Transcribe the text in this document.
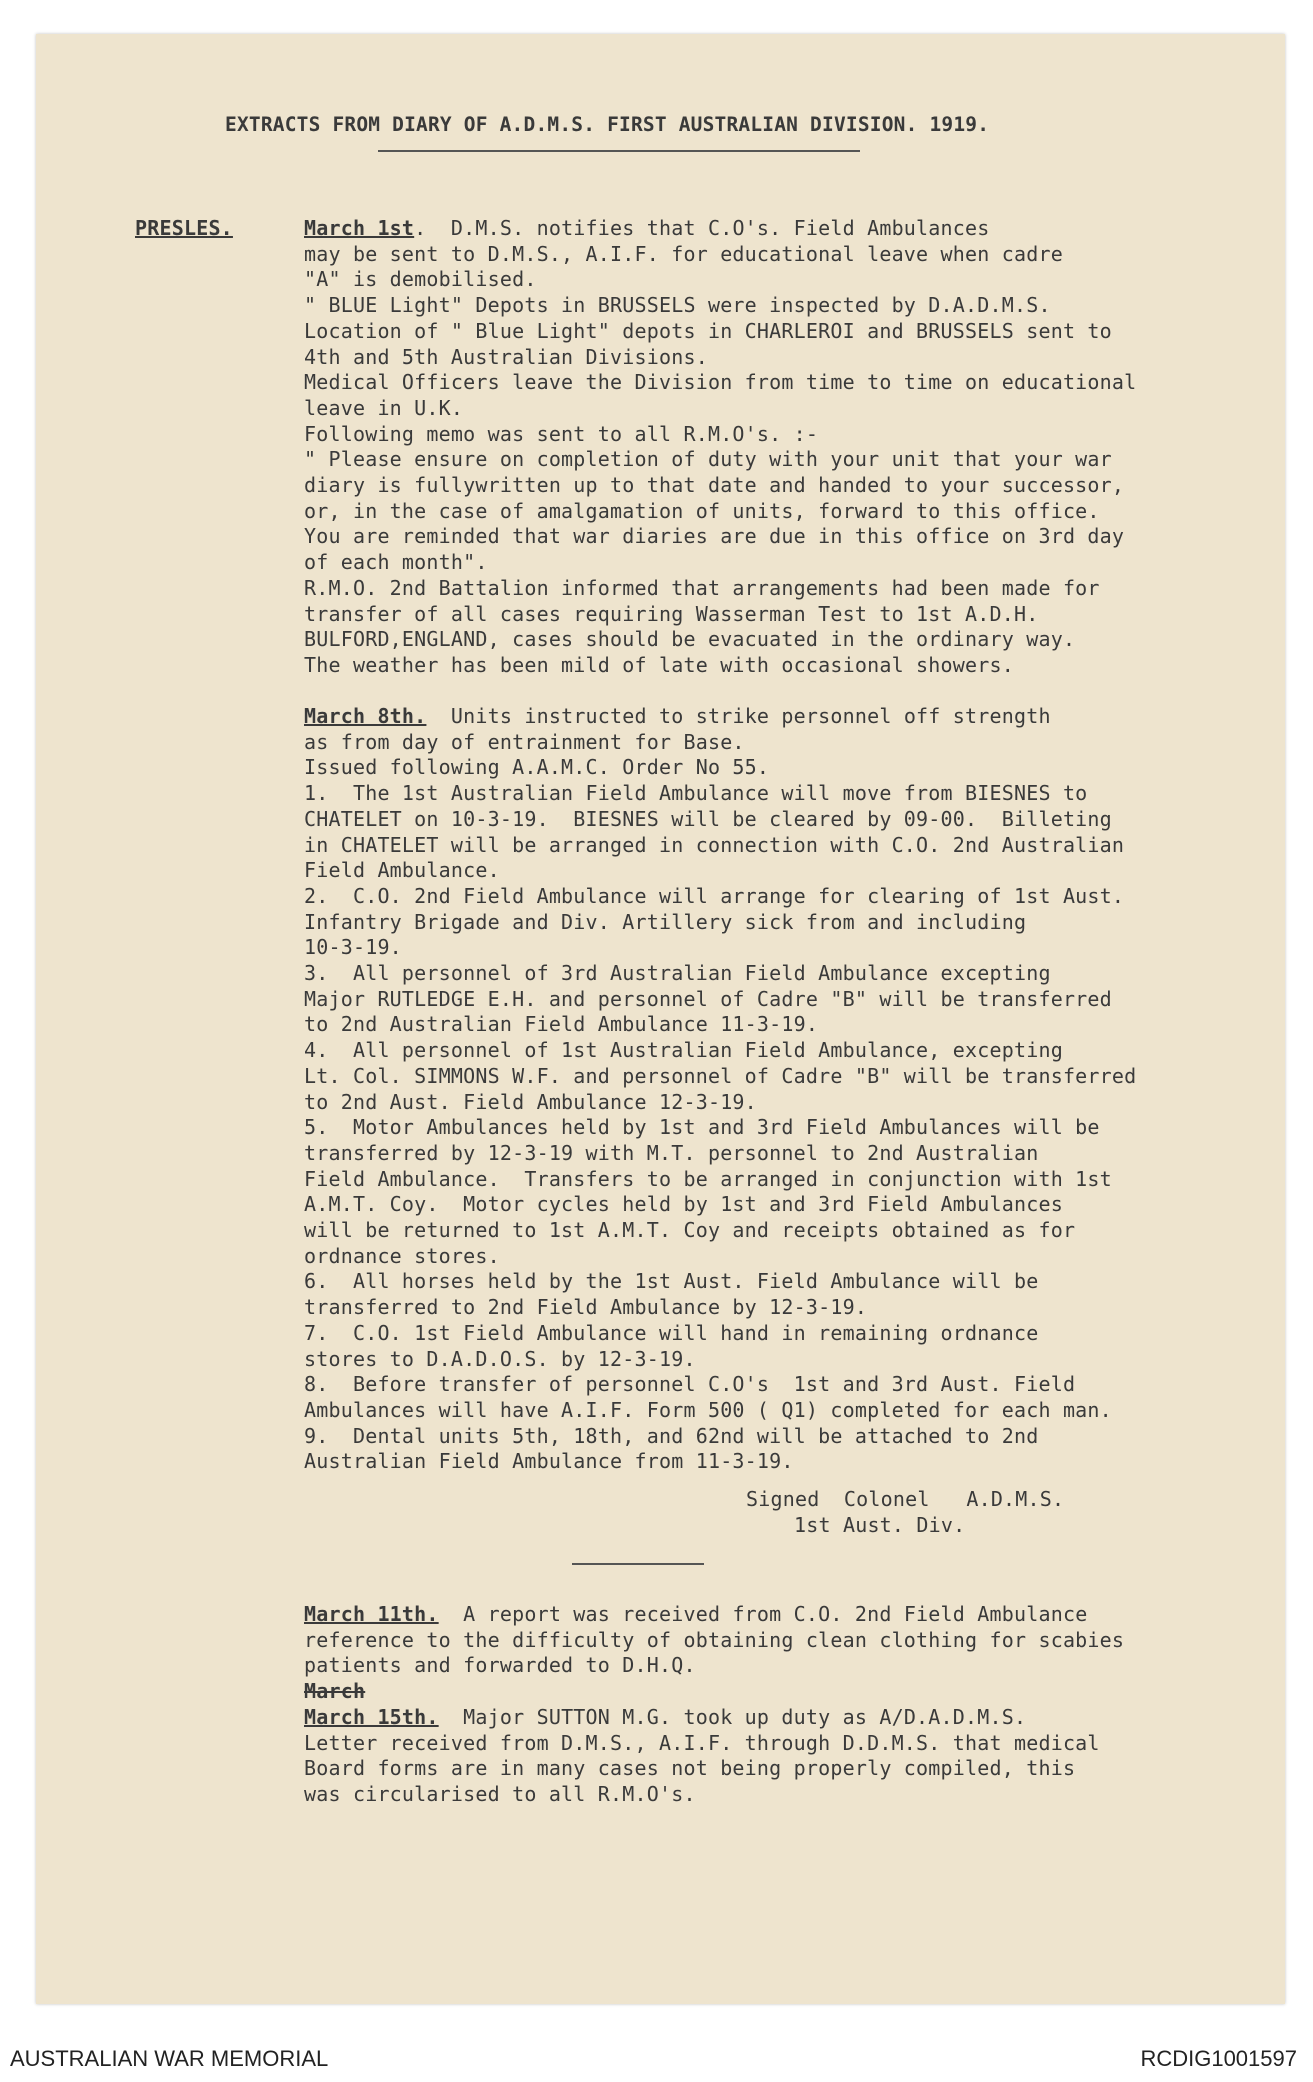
EXTRACTS FROM DIARY OF A.D.M.S. FIRST AUSTRALIAN DIVISION. 1919.
PRESLES.	March 1st.  D.M.S. notifies that C.O's. Field Ambulances
may be sent to D.M.S., A.I.F. for educational leave when cadre
"A" is demobilised.
" BLUE Light" Depots in BRUSSELS were inspected by D.A.D.M.S.
Location of " Blue Light" depots in CHARLEROI and BRUSSELS sent to
4th and 5th Australian Divisions.
Medical Officers leave the Division from time to time on educational
leave in U.K.
Following memo was sent to all R.M.O's. :-
" Please ensure on completion of duty with your unit that your war
diary is fullywritten up to that date and handed to your successor,
or, in the case of amalgamation of units, forward to this office.
You are reminded that war diaries are due in this office on 3rd day
of each month".
R.M.O. 2nd Battalion informed that arrangements had been made for
transfer of all cases requiring Wasserman Test to 1st A.D.H.
BULFORD,ENGLAND, cases should be evacuated in the ordinary way.
The weather has been mild of late with occasional showers.
March 8th.  Units instructed to strike personnel off strength
as from day of entrainment for Base.
Issued following A.A.M.C. Order No 55.
1.  The 1st Australian Field Ambulance will move from BIESNES to
CHATELET on 10-3-19.  BIESNES will be cleared by 09-00.  Billeting
in CHATELET will be arranged in connection with C.O. 2nd Australian
Field Ambulance.
2.  C.O. 2nd Field Ambulance will arrange for clearing of 1st Aust.
Infantry Brigade and Div. Artillery sick from and including
10-3-19.
3.  All personnel of 3rd Australian Field Ambulance excepting
Major RUTLEDGE E.H. and personnel of Cadre "B" will be transferred
to 2nd Australian Field Ambulance 11-3-19.
4.  All personnel of 1st Australian Field Ambulance, excepting
Lt. Col. SIMMONS W.F. and personnel of Cadre "B" will be transferred
to 2nd Aust. Field Ambulance 12-3-19.
5.  Motor Ambulances held by 1st and 3rd Field Ambulances will be
transferred by 12-3-19 with M.T. personnel to 2nd Australian
Field Ambulance.  Transfers to be arranged in conjunction with 1st
A.M.T. Coy.  Motor cycles held by 1st and 3rd Field Ambulances
will be returned to 1st A.M.T. Coy and receipts obtained as for
ordnance stores.
6.  All horses held by the 1st Aust. Field Ambulance will be
transferred to 2nd Field Ambulance by 12-3-19.
7.  C.O. 1st Field Ambulance will hand in remaining ordnance
stores to D.A.D.O.S. by 12-3-19.
8.  Before transfer of personnel C.O's  1st and 3rd Aust. Field
Ambulances will have A.I.F. Form 500 ( Q1) completed for each man.
9.  Dental units 5th, 18th, and 62nd will be attached to 2nd
Australian Field Ambulance from 11-3-19.
March 11th.  A report was received from C.O. 2nd Field Ambulance
reference to the difficulty of obtaining clean clothing for scabies
patients and forwarded to D.H.Q.
March
March 15th.  Major SUTTON M.G. took up duty as A/D.A.D.M.S.
Letter received from D.M.S., A.I.F. through D.D.M.S. that medical
Board forms are in many cases not being properly compiled, this
was circularised to all R.M.O's.
Signed  Colonel   A.D.M.S.
1st Aust. Div.
AUSTRALIAN WAR MEMORIAL	RCDIG1001597
